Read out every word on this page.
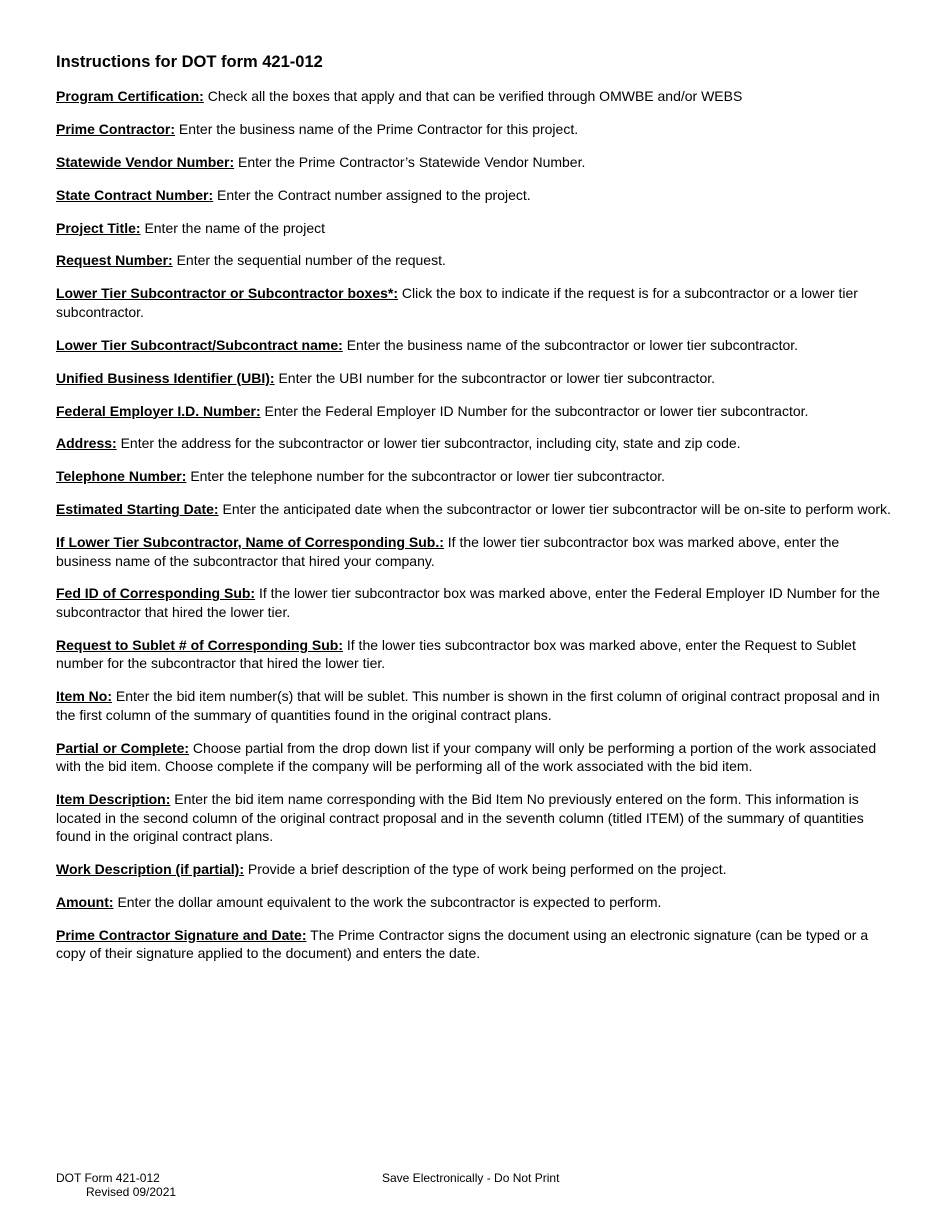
Instructions for DOT form 421-012
Program Certification: Check all the boxes that apply and that can be verified through OMWBE and/or WEBS
Prime Contractor: Enter the business name of the Prime Contractor for this project.
Statewide Vendor Number: Enter the Prime Contractor’s Statewide Vendor Number.
State Contract Number: Enter the Contract number assigned to the project.
Project Title: Enter the name of the project
Request Number: Enter the sequential number of the request.
Lower Tier Subcontractor or Subcontractor boxes*: Click the box to indicate if the request is for a subcontractor or a lower tier subcontractor.
Lower Tier Subcontract/Subcontract name: Enter the business name of the subcontractor or lower tier subcontractor.
Unified Business Identifier (UBI): Enter the UBI number for the subcontractor or lower tier subcontractor.
Federal Employer I.D. Number: Enter the Federal Employer ID Number for the subcontractor or lower tier subcontractor.
Address: Enter the address for the subcontractor or lower tier subcontractor, including city, state and zip code.
Telephone Number: Enter the telephone number for the subcontractor or lower tier subcontractor.
Estimated Starting Date: Enter the anticipated date when the subcontractor or lower tier subcontractor will be on-site to perform work.
If Lower Tier Subcontractor, Name of Corresponding Sub.: If the lower tier subcontractor box was marked above, enter the business name of the subcontractor that hired your company.
Fed ID of Corresponding Sub: If the lower tier subcontractor box was marked above, enter the Federal Employer ID Number for the subcontractor that hired the lower tier.
Request to Sublet # of Corresponding Sub: If the lower ties subcontractor box was marked above, enter the Request to Sublet number for the subcontractor that hired the lower tier.
Item No: Enter the bid item number(s) that will be sublet. This number is shown in the first column of original contract proposal and in the first column of the summary of quantities found in the original contract plans.
Partial or Complete: Choose partial from the drop down list if your company will only be performing a portion of the work associated with the bid item. Choose complete if the company will be performing all of the work associated with the bid item.
Item Description: Enter the bid item name corresponding with the Bid Item No previously entered on the form. This information is located in the second column of the original contract proposal and in the seventh column (titled ITEM) of the summary of quantities found in the original contract plans.
Work Description (if partial): Provide a brief description of the type of work being performed on the project.
Amount: Enter the dollar amount equivalent to the work the subcontractor is expected to perform.
Prime Contractor Signature and Date: The Prime Contractor signs the document using an electronic signature (can be typed or a copy of their signature applied to the document) and enters the date.
DOT Form 421-012
Revised 09/2021
Save Electronically - Do Not Print
